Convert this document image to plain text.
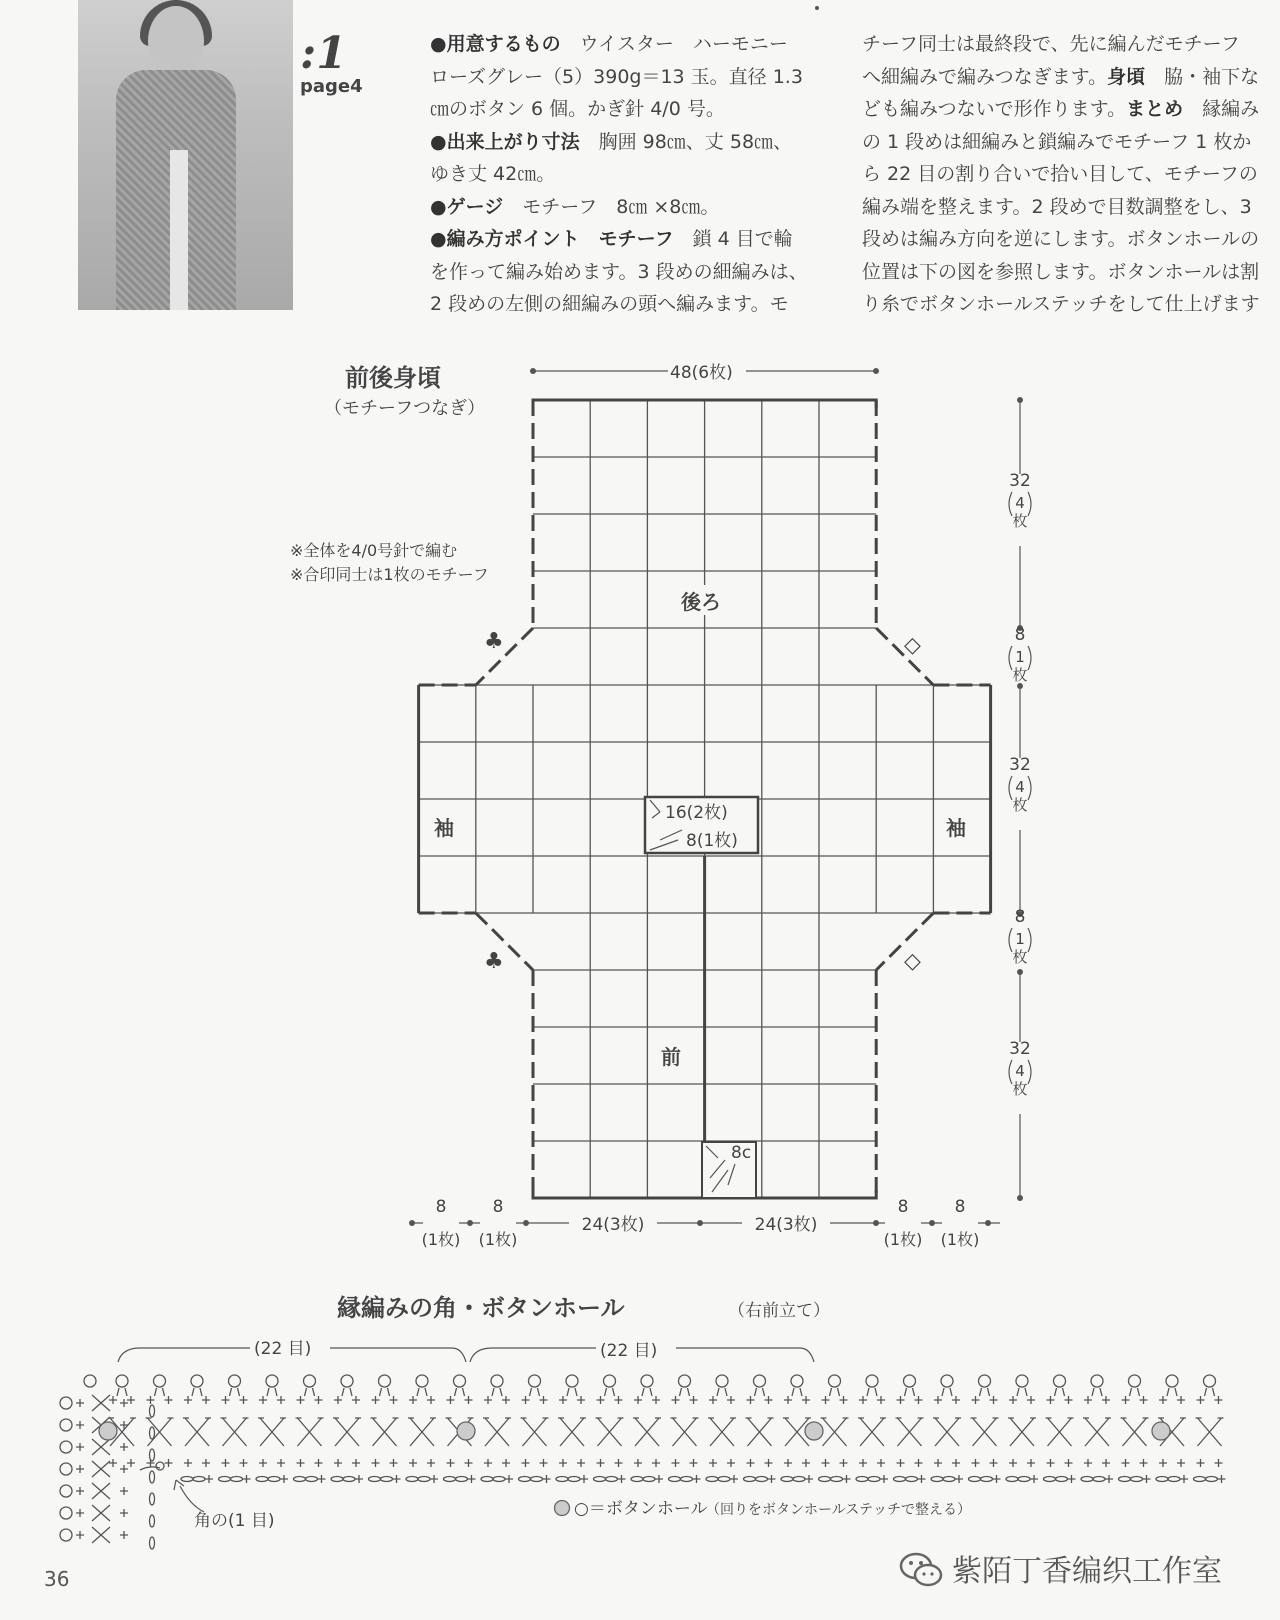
:1
page4

●用意するもの　ウイスター　ハーモニー

ローズグレー（5）390g＝13 玉。直径 1.3

㎝のボタン 6 個。かぎ針 4/0 号。

●出来上がり寸法　胸囲 98㎝、丈 58㎝、

ゆき丈 42㎝。

●ゲージ　モチーフ　8㎝ ×8㎝。

●編み方ポイント　モチーフ　鎖 4 目で輪

を作って編み始めます。3 段めの細編みは、

2 段めの左側の細編みの頭へ編みます。モ

チーフ同士は最終段で、先に編んだモチーフ

へ細編みで編みつなぎます。身頃　脇・袖下な

ども編みつないで形作ります。まとめ　縁編み

の 1 段めは細編みと鎖編みでモチーフ 1 枚か

ら 22 目の割り合いで拾い目して、モチーフの

編み端を整えます。2 段めで目数調整をし、3

段めは編み方向を逆にします。ボタンホールの

位置は下の図を参照します。ボタンホールは割

り糸でボタンホールステッチをして仕上げます

前後身頃
（モチーフつなぎ）
※全体を4/0号針で編む
※合印同士は1枚のモチーフ
16(2枚)
8(1枚)
8c
後ろ
前
袖	袖
♣
♣
◇
◇
48(6枚)
32
4
枚
8
1
枚
32
4
枚
8
1
枚
32
4
枚
8
(1枚)
8
(1枚)
8
(1枚)
8
(1枚)
24(3枚)	24(3枚)
縁編みの角・ボタンホール	（右前立て）
(22 目)	(22 目)
角の(1 目)
○＝ボタンホール
（回りをボタンホールステッチで整える）
36	紫陌丁香编织工作室
